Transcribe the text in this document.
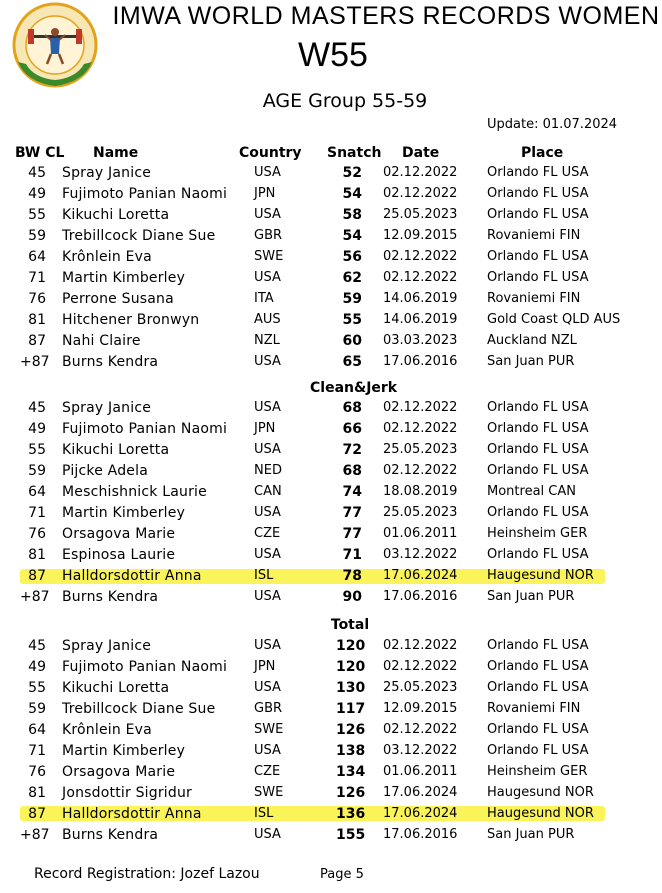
IMWA WORLD MASTERS RECORDS WOMEN
W55
AGE Group 55-59
Update: 01.07.2024
BW CL Name	Country Snatch Date	Place
Clean&Jerk
Total
45 Spray Janice	USA	52 02.12.2022 Orlando FL USA
49 Fujimoto Panian Naomi JPN	54 02.12.2022 Orlando FL USA
55 Kikuchi Loretta	USA	58 25.05.2023 Orlando FL USA
59 Trebillcock Diane Sue	GBR	54 12.09.2015 Rovaniemi FIN
64 Krônlein Eva	SWE	56 02.12.2022 Orlando FL USA
71 Martin Kimberley	USA	62 02.12.2022 Orlando FL USA
76 Perrone Susana	ITA	59 14.06.2019 Rovaniemi FIN
81 Hitchener Bronwyn	AUS	55 14.06.2019 Gold Coast QLD AUS
87 Nahi Claire	NZL	60 03.03.2023 Auckland NZL
+87 Burns Kendra	USA	65 17.06.2016 San Juan PUR
45 Spray Janice	USA	68 02.12.2022 Orlando FL USA
49 Fujimoto Panian Naomi JPN	66 02.12.2022 Orlando FL USA
55 Kikuchi Loretta	USA	72 25.05.2023 Orlando FL USA
59 Pijcke Adela	NED	68 02.12.2022 Orlando FL USA
64 Meschishnick Laurie	CAN	74 18.08.2019 Montreal CAN
71 Martin Kimberley	USA	77 25.05.2023 Orlando FL USA
76 Orsagova Marie	CZE	77 01.06.2011 Heinsheim GER
81 Espinosa Laurie	USA	71 03.12.2022 Orlando FL USA
87 Halldorsdottir Anna	ISL	78 17.06.2024 Haugesund NOR
+87 Burns Kendra	USA	90 17.06.2016 San Juan PUR
45 Spray Janice	USA	120 02.12.2022 Orlando FL USA
49 Fujimoto Panian Naomi JPN	120 02.12.2022 Orlando FL USA
55 Kikuchi Loretta	USA	130 25.05.2023 Orlando FL USA
59 Trebillcock Diane Sue	GBR	117 12.09.2015 Rovaniemi FIN
64 Krônlein Eva	SWE	126 02.12.2022 Orlando FL USA
71 Martin Kimberley	USA	138 03.12.2022 Orlando FL USA
76 Orsagova Marie	CZE	134 01.06.2011 Heinsheim GER
81 Jonsdottir Sigridur	SWE	126 17.06.2024 Haugesund NOR
87 Halldorsdottir Anna	ISL	136 17.06.2024 Haugesund NOR
+87 Burns Kendra	USA	155 17.06.2016 San Juan PUR
Record Registration: Jozef Lazou	Page 5
